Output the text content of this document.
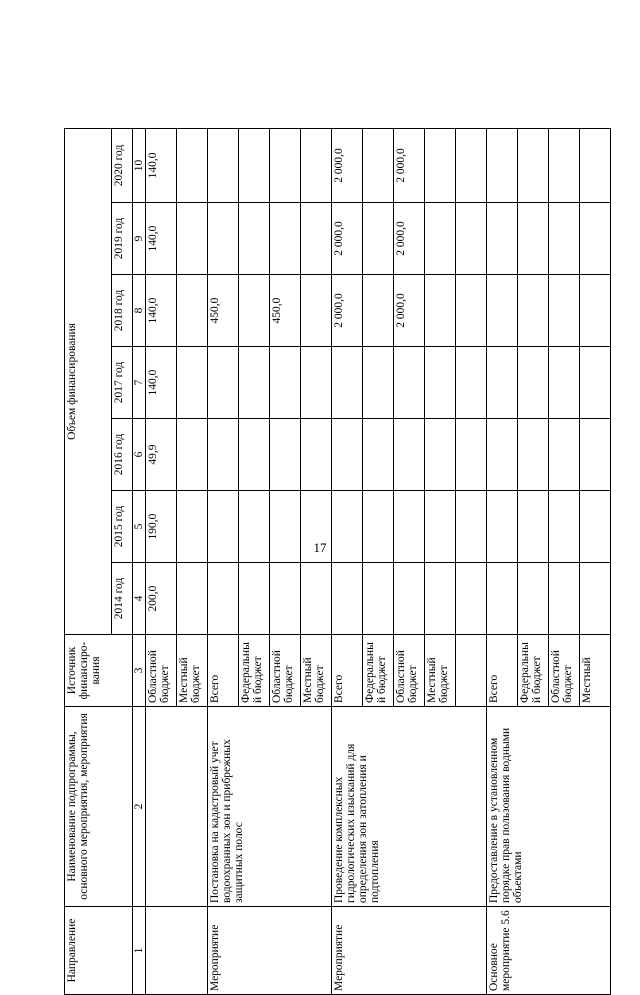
17
Направление	Наименование подпрограммы, основного мероприятия, мероприятия	Источник финансиро-вания	Объем финансирования						
			2014 год	2015 год	2016 год	2017 год	2018 год	2019 год	2020 год
1	2	3	4	5	6	7	8	9	10
		Областной бюджет	200,0	190,0	49,9	140,0	140,0	140,0	140,0
		Местный бюджет							
Мероприятие	Постановка на кадастровый учет водоохранных зон и прибрежных защитных полос	Всего					450,0		
		Федеральный бюджет							
		Областной бюджет					450,0		
		Местный бюджет							
Мероприятие	Проведение комплексных гидрологических изысканий для определения зон затопления и подтопления	Всего					2 000,0	2 000,0	2 000,0
		Федеральный бюджет							
		Областной бюджет					2 000,0	2 000,0	2 000,0
		Местный бюджет							

Основное мероприятие 5.6	Предоставление в установленном порядке прав пользования водными объектами	Всего							
		Федеральный бюджет							
		Областной бюджет							
		Местный							
